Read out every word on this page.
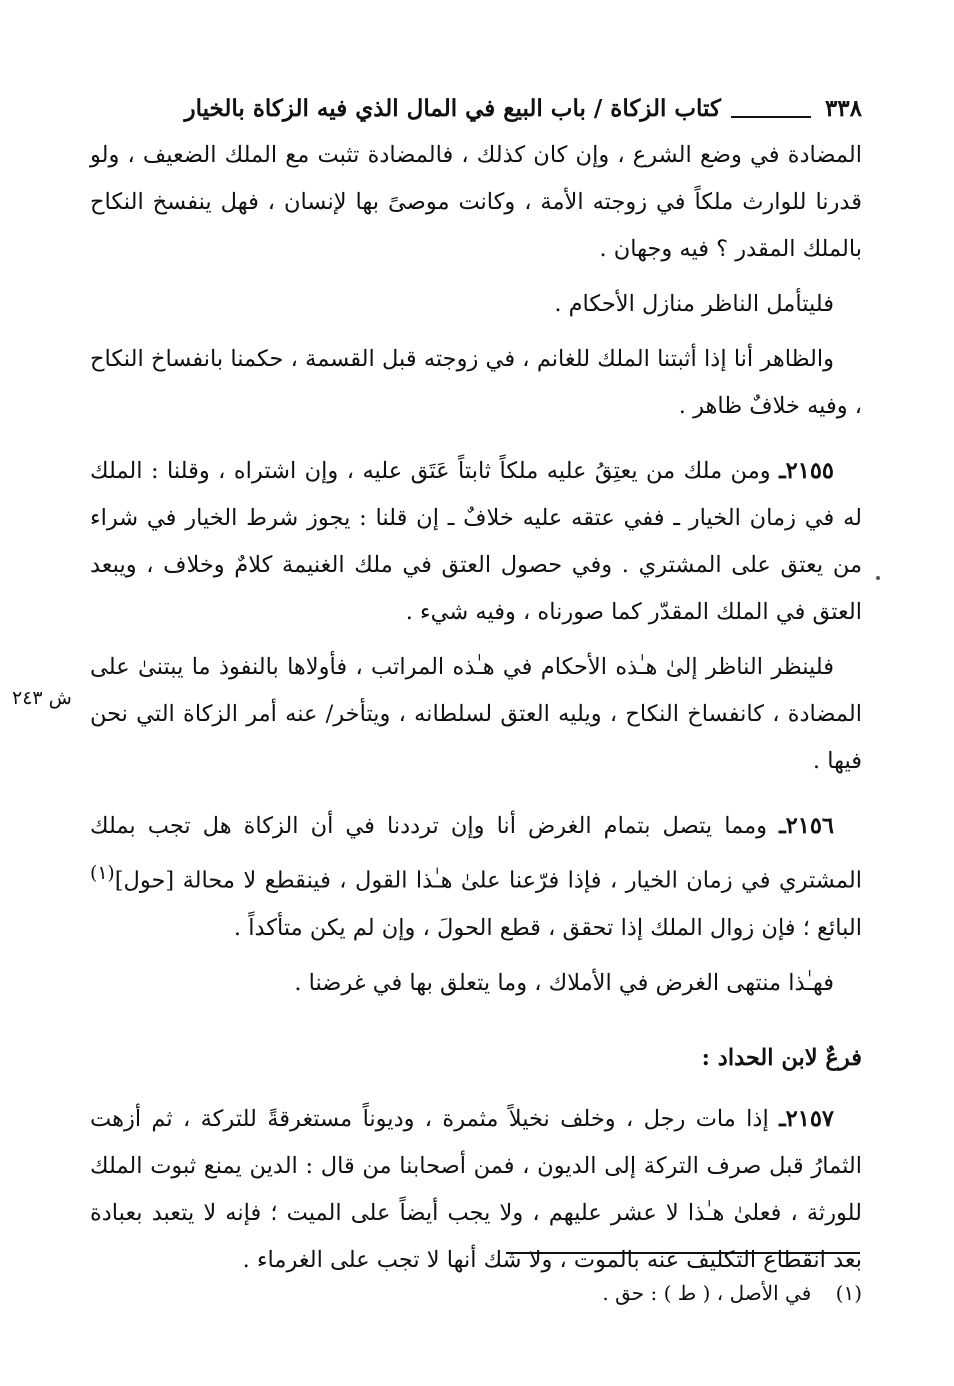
٣٣٨
كتاب الزكاة / باب البيع في المال الذي فيه الزكاة بالخيار

المضادة في وضع الشرع ، وإن كان كذلك ، فالمضادة تثبت مع الملك الضعيف ، ولو قدرنا للوارث ملكاً في زوجته الأمة ، وكانت موصىً بها لإنسان ، فهل ينفسخ النكاح بالملك المقدر ؟ فيه وجهان .

فليتأمل الناظر منازل الأحكام .

والظاهر أنا إذا أثبتنا الملك للغانم ، في زوجته قبل القسمة ، حكمنا بانفساخ النكاح ، وفيه خلافٌ ظاهر .

٢١٥٥ـ ومن ملك من يعتِقُ عليه ملكاً ثابتاً عَتَق عليه ، وإن اشتراه ، وقلنا : الملك له في زمان الخيار ـ ففي عتقه عليه خلافٌ ـ إن قلنا : يجوز شرط الخيار في شراء من يعتق على المشتري . وفي حصول العتق في ملك الغنيمة كلامٌ وخلاف ، ويبعد العتق في الملك المقدّر كما صورناه ، وفيه شيء .

فلينظر الناظر إلىٰ هـٰذه الأحكام في هـٰذه المراتب ، فأولاها بالنفوذ ما يبتنىٰ على المضادة ، كانفساخ النكاح ، ويليه العتق لسلطانه ، ويتأخر/ عنه أمر الزكاة التي نحن فيها .

٢١٥٦ـ ومما يتصل بتمام الغرض أنا وإن ترددنا في أن الزكاة هل تجب بملك المشتري في زمان الخيار ، فإذا فرّعنا علىٰ هـٰذا القول ، فينقطع لا محالة [حول]$^{(١)}$ البائع ؛ فإن زوال الملك إذا تحقق ، قطع الحولَ ، وإن لم يكن متأكداً .

فهـٰذا منتهى الغرض في الأملاك ، وما يتعلق بها في غرضنا .

فرعٌ لابن الحداد :

٢١٥٧ـ إذا مات رجل ، وخلف نخيلاً مثمرة ، وديوناً مستغرقةً للتركة ، ثم أزهت الثمارُ قبل صرف التركة إلى الديون ، فمن أصحابنا من قال : الدين يمنع ثبوت الملك للورثة ، فعلىٰ هـٰذا لا عشر عليهم ، ولا يجب أيضاً على الميت ؛ فإنه لا يتعبد بعبادة بعد انقطاع التكليف عنه بالموت ، ولا شك أنها لا تجب على الغرماء .

ش ٢٤٣
(١) في الأصل ، ( ط ) : حق .
